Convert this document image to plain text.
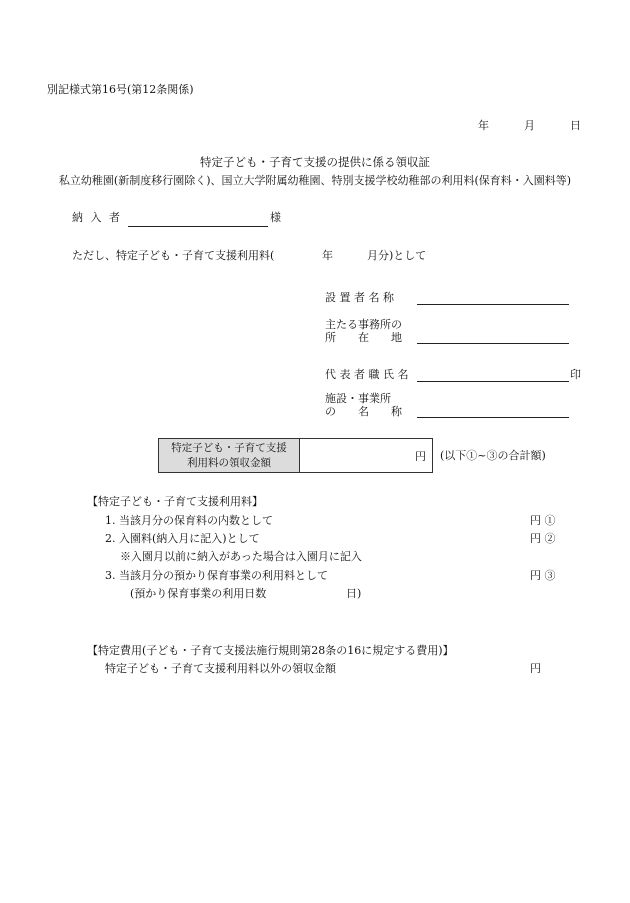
別記様式第16号(第12条関係)
年	月	日
特定子ども・子育て支援の提供に係る領収証
私立幼稚園(新制度移行園除く)、国立大学附属幼稚園、特別支援学校幼稚部の利用料(保育料・入園料等)
納 入 者	様
ただし、特定子ども・子育て支援利用料(	年	月分)として
設 置 者 名 称
主たる事務所の
所　　在　　地
代 表 者 職 氏 名	印
施設・事業所
の　　名　　称
特定子ども・子育て支援
利用料の領収金額	円 (以下①~③の合計額)
【特定子ども・子育て支援利用料】
1. 当該月分の保育料の内数として	円 ①
2. 入園料(納入月に記入)として	円 ②
※入園月以前に納入があった場合は入園月に記入
3. 当該月分の預かり保育事業の利用料として	円 ③
(預かり保育事業の利用日数	日)
【特定費用(子ども・子育て支援法施行規則第28条の16に規定する費用)】
特定子ども・子育て支援利用料以外の領収金額	円
